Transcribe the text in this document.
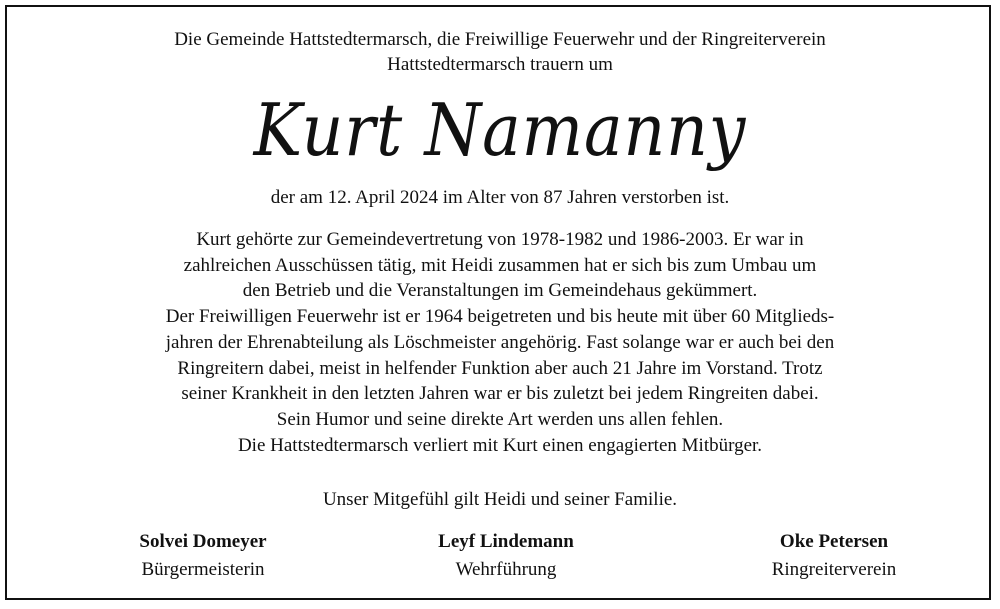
Die Gemeinde Hattstedtermarsch, die Freiwillige Feuerwehr und der Ringreiterverein
Hattstedtermarsch trauern um
Kurt Namanny
der am 12. April 2024 im Alter von 87 Jahren verstorben ist.

Kurt gehörte zur Gemeindevertretung von 1978-1982 und 1986-2003. Er war in

zahlreichen Ausschüssen tätig, mit Heidi zusammen hat er sich bis zum Umbau um

den Betrieb und die Veranstaltungen im Gemeindehaus gekümmert.

Der Freiwilligen Feuerwehr ist er 1964 beigetreten und bis heute mit über 60 Mitglieds-

jahren der Ehrenabteilung als Löschmeister angehörig. Fast solange war er auch bei den

Ringreitern dabei, meist in helfender Funktion aber auch 21 Jahre im Vorstand. Trotz

seiner Krankheit in den letzten Jahren war er bis zuletzt bei jedem Ringreiten dabei.

Sein Humor und seine direkte Art werden uns allen fehlen.

Die Hattstedtermarsch verliert mit Kurt einen engagierten Mitbürger.

Unser Mitgefühl gilt Heidi und seiner Familie.
Solvei Domeyer
Bürgermeisterin
Leyf Lindemann
Wehrführung
Oke Petersen
Ringreiterverein
